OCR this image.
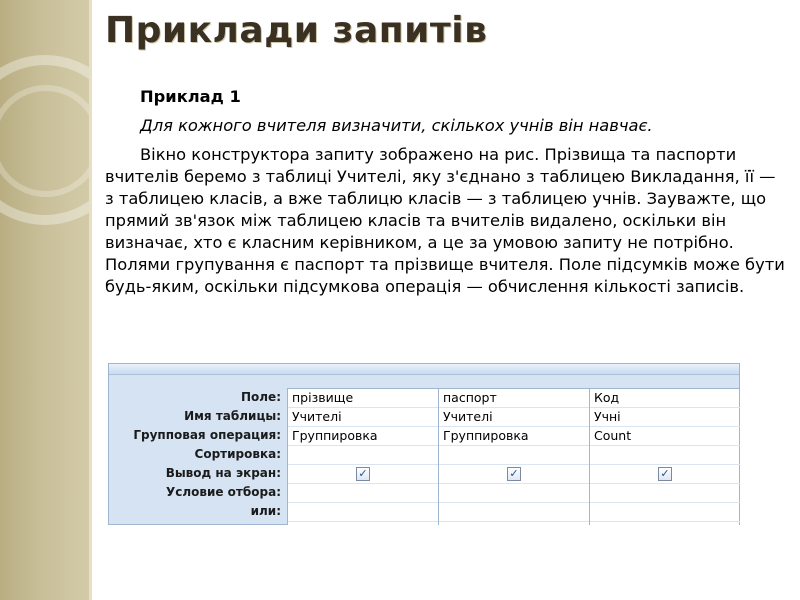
Приклади запитів

Приклад 1

Для кожного вчителя визначити, скількох учнів він навчає.

Вікно конструктора запиту зображено на рис. Прізвища та паспорти вчителів беремо з таблиці Учителі, яку з'єднано з таблицею Викладання, її — з таблицею класів, а вже таблицю класів — з таблицею учнів. Зауважте, що прямий зв'язок між таблицею класів та вчителів видалено, оскільки він визначає, хто є класним керівником, а це за умовою запиту не потрібно. Полями групування є паспорт та прізвище вчителя. Поле підсумків може бути будь-яким, оскільки підсумкова операція — обчислення кількості записів.

Поле:
Имя таблицы:
Групповая операция:
Сортировка:
Вывод на экран:
Условие отбора:
или:
прізвище
Учителі
Группировка
✓
паспорт
Учителі
Группировка
✓
Код
Учні
Count
✓
